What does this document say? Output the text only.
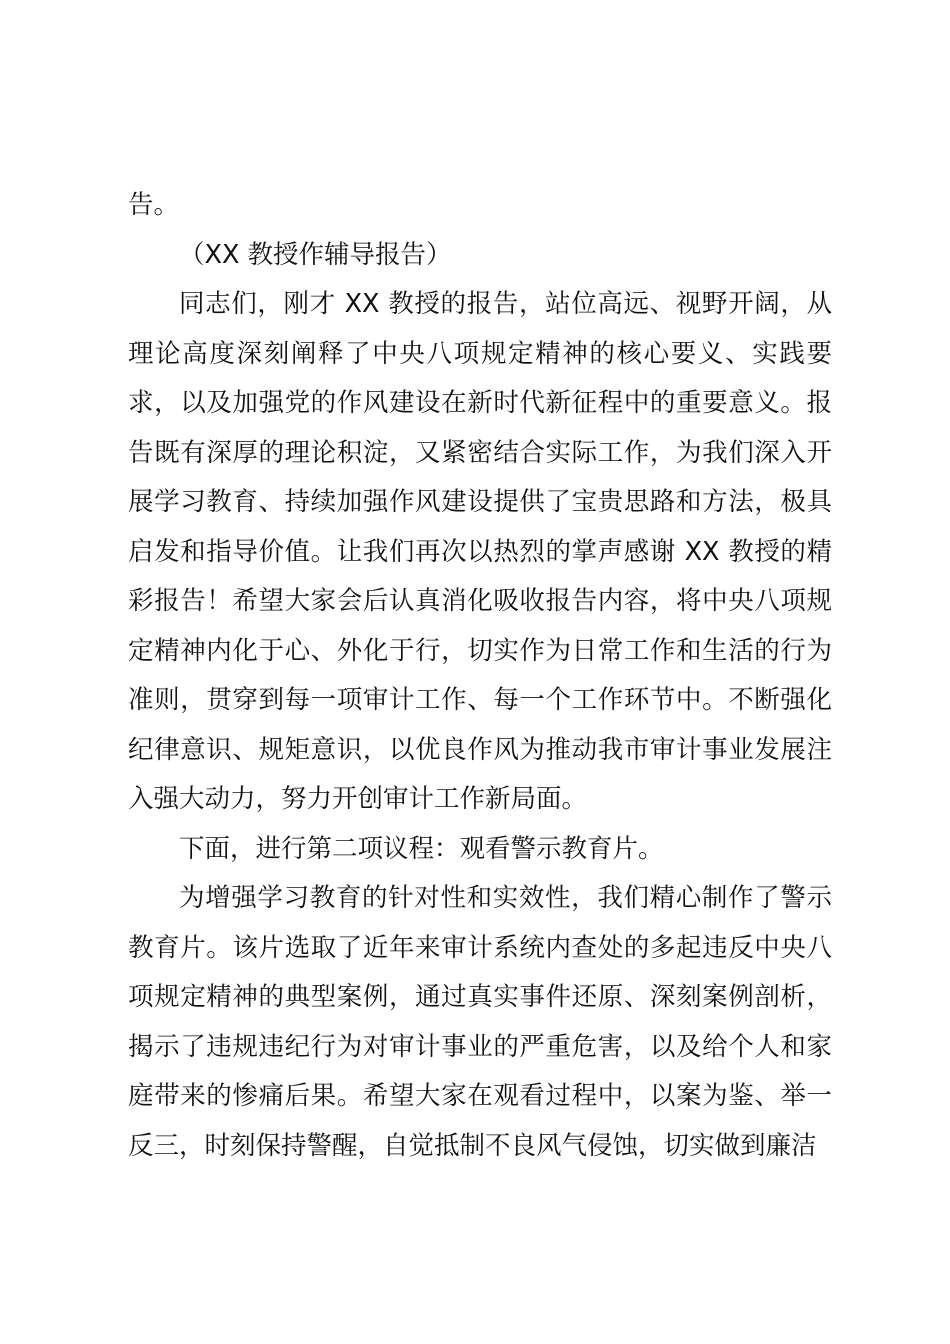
告。

（XX 教授作辅导报告）

同志们，刚才 XX 教授的报告，站位高远、视野开阔，从理论高度深刻阐释了中央八项规定精神的核心要义、实践要求，以及加强党的作风建设在新时代新征程中的重要意义。报告既有深厚的理论积淀，又紧密结合实际工作，为我们深入开展学习教育、持续加强作风建设提供了宝贵思路和方法，极具启发和指导价值。让我们再次以热烈的掌声感谢 XX 教授的精彩报告！希望大家会后认真消化吸收报告内容，将中央八项规定精神内化于心、外化于行，切实作为日常工作和生活的行为准则，贯穿到每一项审计工作、每一个工作环节中。不断强化纪律意识、规矩意识，以优良作风为推动我市审计事业发展注入强大动力，努力开创审计工作新局面。

下面，进行第二项议程：观看警示教育片。

为增强学习教育的针对性和实效性，我们精心制作了警示教育片。该片选取了近年来审计系统内查处的多起违反中央八项规定精神的典型案例，通过真实事件还原、深刻案例剖析，揭示了违规违纪行为对审计事业的严重危害，以及给个人和家庭带来的惨痛后果。希望大家在观看过程中，以案为鉴、举一反三，时刻保持警醒，自觉抵制不良风气侵蚀，切实做到廉洁
